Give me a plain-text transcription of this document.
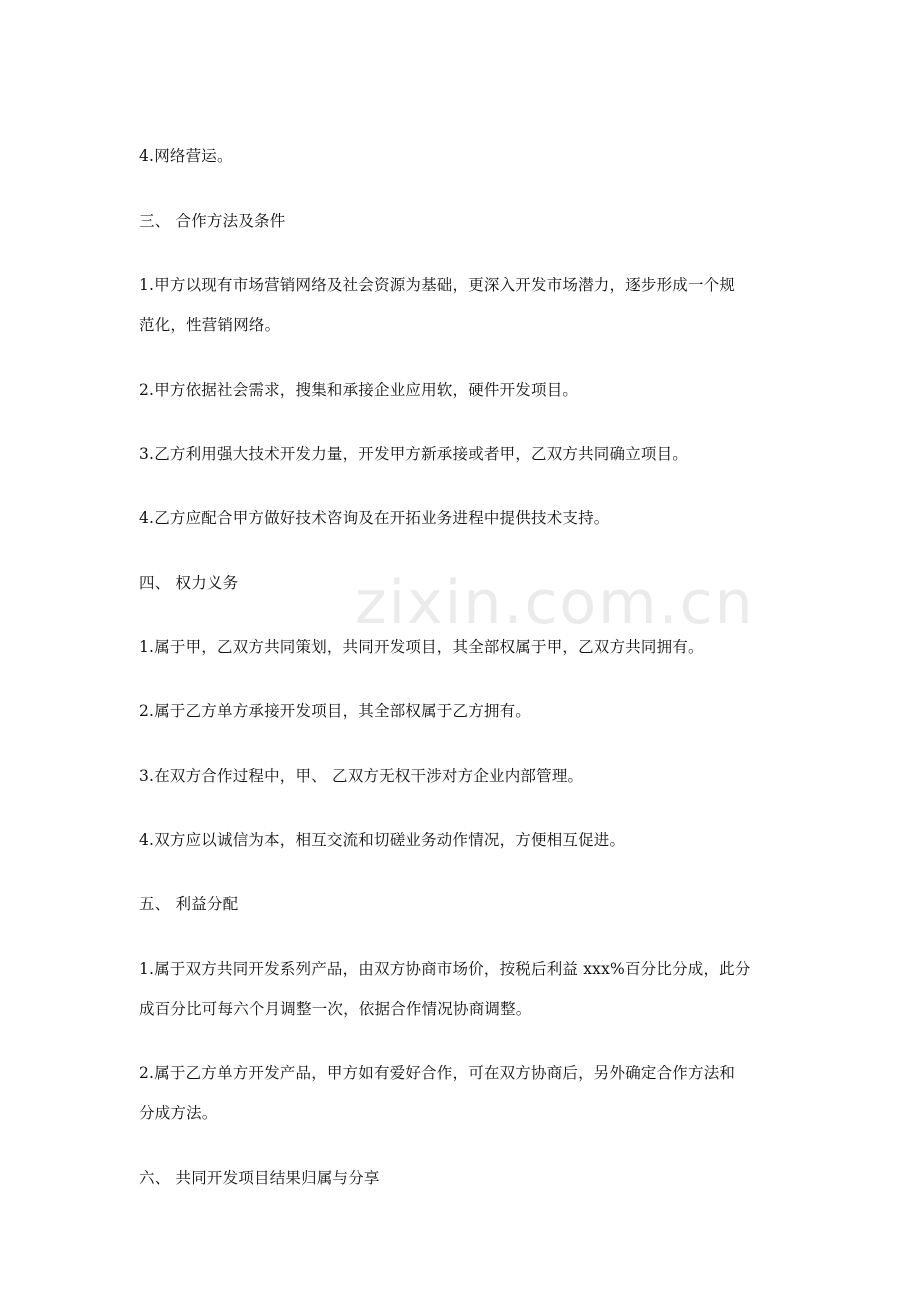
zixin.com.cn
4.网络营运。
三、 合作方法及条件
1.甲方以现有市场营销网络及社会资源为基础，更深入开发市场潜力，逐步形成一个规
范化，性营销网络。
2.甲方依据社会需求，搜集和承接企业应用软，硬件开发项目。
3.乙方利用强大技术开发力量，开发甲方新承接或者甲，乙双方共同确立项目。
4.乙方应配合甲方做好技术咨询及在开拓业务进程中提供技术支持。
四、 权力义务
1.属于甲，乙双方共同策划，共同开发项目，其全部权属于甲，乙双方共同拥有。
2.属于乙方单方承接开发项目，其全部权属于乙方拥有。
3.在双方合作过程中，甲、 乙双方无权干涉对方企业内部管理。
4.双方应以诚信为本，相互交流和切磋业务动作情况，方便相互促进。
五、 利益分配
1.属于双方共同开发系列产品，由双方协商市场价，按税后利益 xxx%百分比分成，此分
成百分比可每六个月调整一次，依据合作情况协商调整。
2.属于乙方单方开发产品，甲方如有爱好合作，可在双方协商后，另外确定合作方法和
分成方法。
六、 共同开发项目结果归属与分享
